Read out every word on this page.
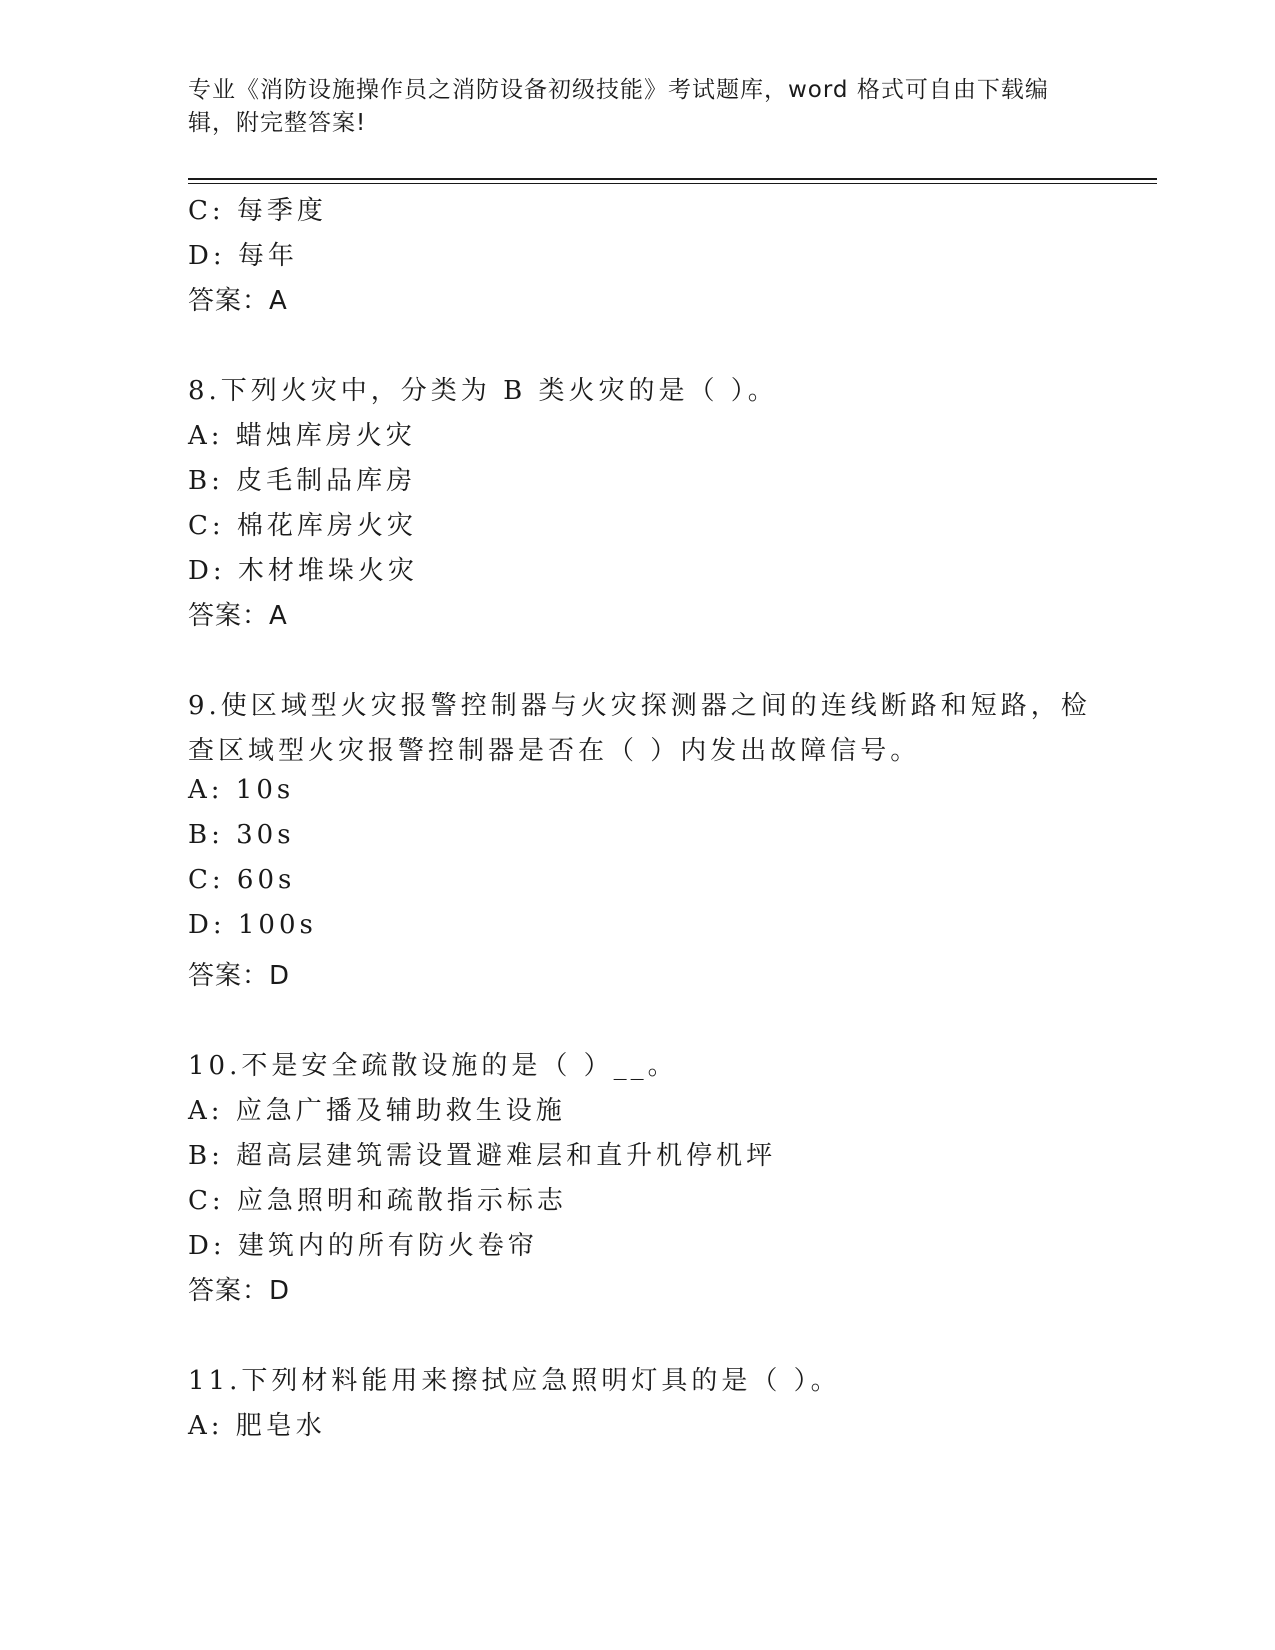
专业《消防设施操作员之消防设备初级技能》考试题库，word 格式可自由下载编
辑，附完整答案!
C: 每季度
D: 每年
答案：A
8.下列火灾中，分类为 B 类火灾的是（ ）。
A: 蜡烛库房火灾
B: 皮毛制品库房
C: 棉花库房火灾
D: 木材堆垛火灾
答案：A
9.使区域型火灾报警控制器与火灾探测器之间的连线断路和短路，检
查区域型火灾报警控制器是否在（ ）内发出故障信号。
A: 10s
B: 30s
C: 60s
D: 100s
答案：D
10.不是安全疏散设施的是（ ）__。
A: 应急广播及辅助救生设施
B: 超高层建筑需设置避难层和直升机停机坪
C: 应急照明和疏散指示标志
D: 建筑内的所有防火卷帘
答案：D
11.下列材料能用来擦拭应急照明灯具的是（ ）。
A: 肥皂水
